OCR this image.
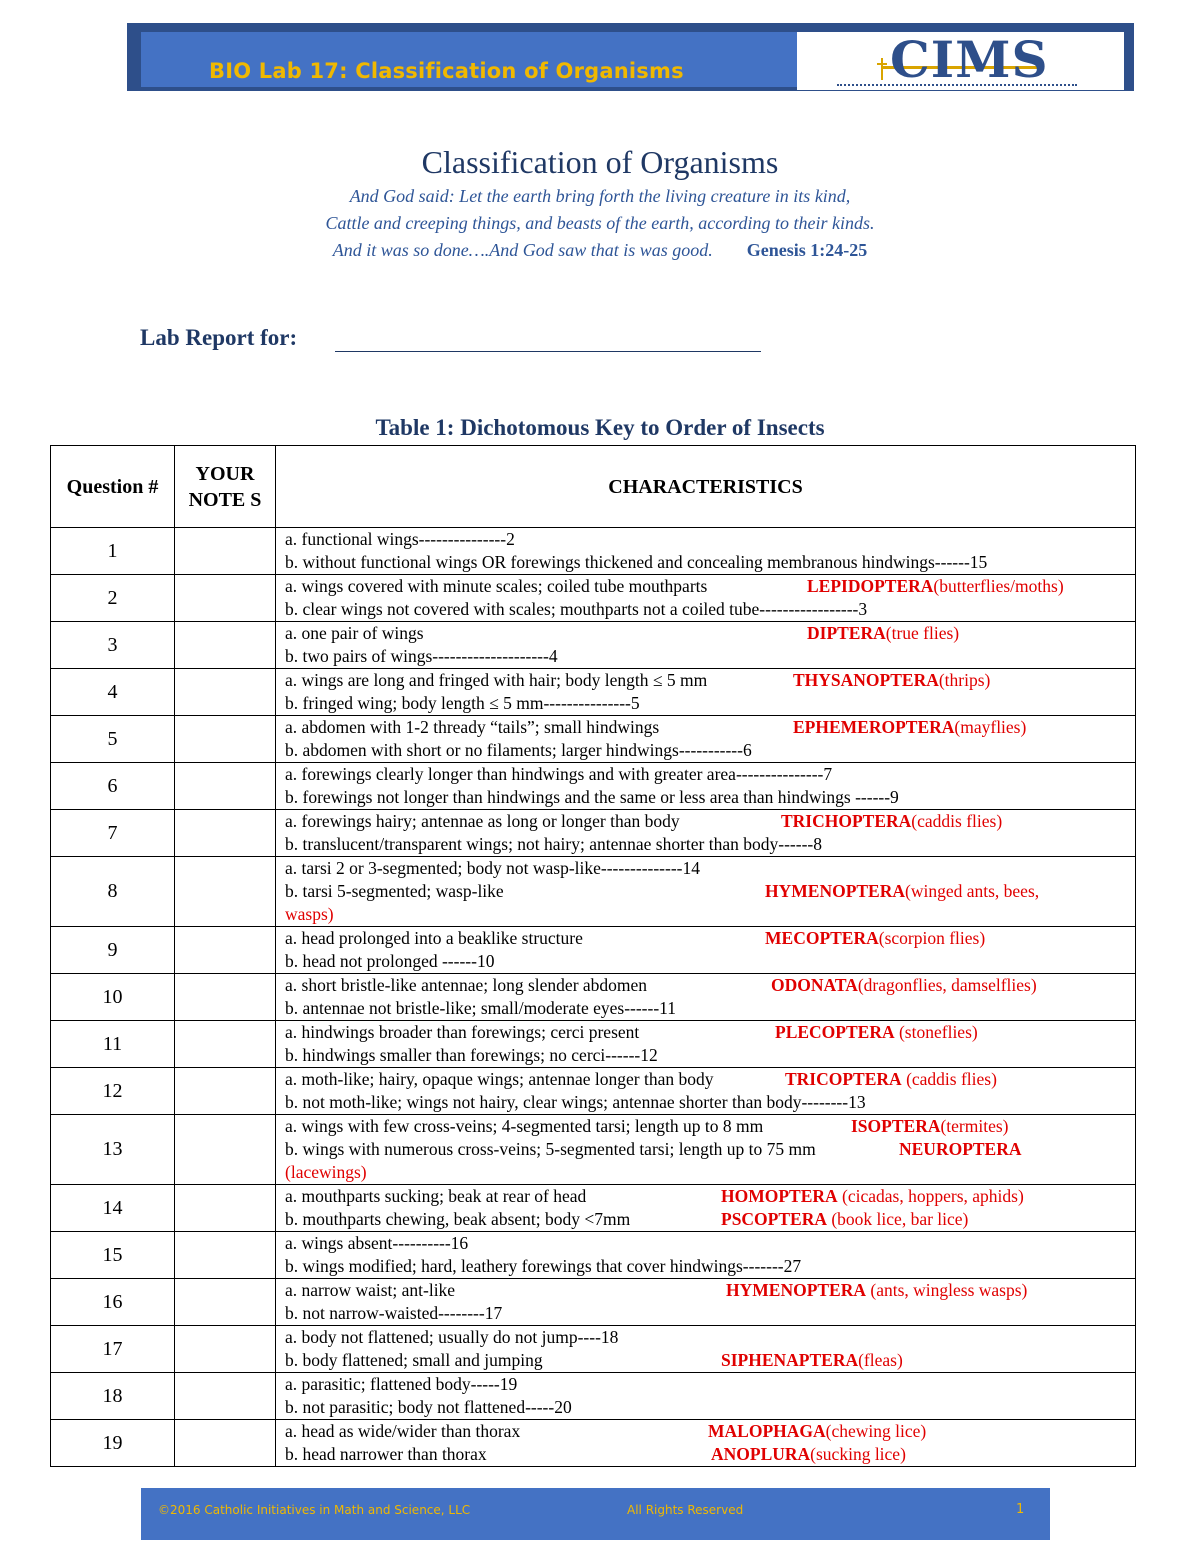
BIO Lab 17: Classification of Organisms	CIMS
Classification of Organisms
And God said: Let the earth bring forth the living creature in its kind,
Cattle and creeping things, and beasts of the earth, according to their kinds.
And it was so done….And God saw that is was good. Genesis 1:24-25
Lab Report for:
Table 1: Dichotomous Key to Order of Insects
Question #	YOUR NOTE S	CHARACTERISTICS
1		a. functional wings---------------2
b. without functional wings OR forewings thickened and concealing membranous hindwings------15

2		a. wings covered with minute scales; coiled tube mouthparts LEPIDOPTERA(butterflies/moths)
b. clear wings not covered with scales; mouthparts not a coiled tube-----------------3

3		a. one pair of wings DIPTERA(true flies)
b. two pairs of wings--------------------4

4		a. wings are long and fringed with hair; body length ≤ 5 mm THYSANOPTERA(thrips)
b. fringed wing; body length ≤ 5 mm---------------5

5		a. abdomen with 1-2 thready “tails”; small hindwings EPHEMEROPTERA(mayflies)
b. abdomen with short or no filaments; larger hindwings-----------6

6		a. forewings clearly longer than hindwings and with greater area---------------7
b. forewings not longer than hindwings and the same or less area than hindwings ------9

7		a. forewings hairy; antennae as long or longer than body TRICHOPTERA(caddis flies)
b. translucent/transparent wings; not hairy; antennae shorter than body------8

8		a. tarsi 2 or 3-segmented; body not wasp-like--------------14
b. tarsi 5-segmented; wasp-like HYMENOPTERA(winged ants, bees,
wasps)

9		a. head prolonged into a beaklike structure MECOPTERA(scorpion flies)
b. head not prolonged ------10

10		a. short bristle-like antennae; long slender abdomen ODONATA(dragonflies, damselflies)
b. antennae not bristle-like; small/moderate eyes------11

11		a. hindwings broader than forewings; cerci present PLECOPTERA (stoneflies)
b. hindwings smaller than forewings; no cerci------12

12		a. moth-like; hairy, opaque wings; antennae longer than body TRICOPTERA (caddis flies)
b. not moth-like; wings not hairy, clear wings; antennae shorter than body--------13

13		a. wings with few cross-veins; 4-segmented tarsi; length up to 8 mm ISOPTERA(termites)
b. wings with numerous cross-veins; 5-segmented tarsi; length up to 75 mm NEUROPTERA
(lacewings)

14		a. mouthparts sucking; beak at rear of head HOMOPTERA (cicadas, hoppers, aphids)
b. mouthparts chewing, beak absent; body <7mm PSCOPTERA (book lice, bar lice)

15		a. wings absent----------16
b. wings modified; hard, leathery forewings that cover hindwings-------27

16		a. narrow waist; ant-like HYMENOPTERA (ants, wingless wasps)
b. not narrow-waisted--------17

17		a. body not flattened; usually do not jump----18
b. body flattened; small and jumping SIPHENAPTERA(fleas)

18		a. parasitic; flattened body-----19
b. not parasitic; body not flattened-----20

19		a. head as wide/wider than thorax MALOPHAGA(chewing lice)
b. head narrower than thorax ANOPLURA(sucking lice)
©2016 Catholic Initiatives in Math and Science, LLC	All Rights Reserved	1
